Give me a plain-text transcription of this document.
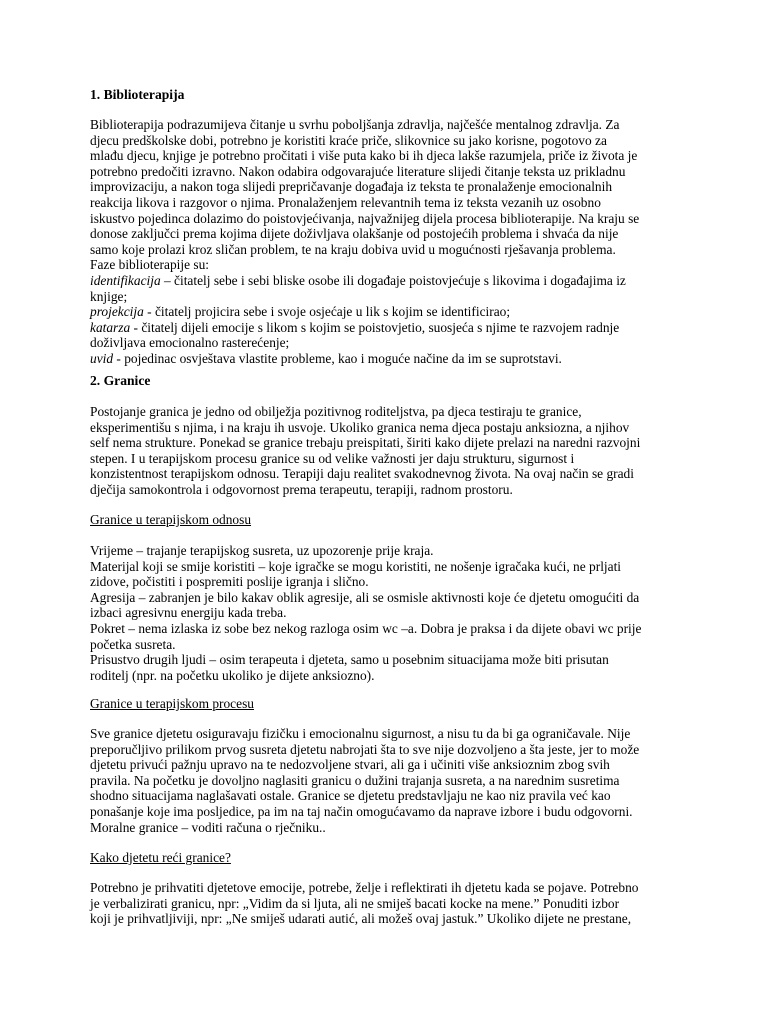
1. Biblioterapija
Biblioterapija podrazumijeva čitanje u svrhu poboljšanja zdravlja, najčešće mentalnog zdravlja. Za
djecu predškolske dobi, potrebno je koristiti kraće priče, slikovnice su jako korisne, pogotovo za
mlađu djecu, knjige je potrebno pročitati i više puta kako bi ih djeca lakše razumjela, priče iz života je
potrebno predočiti izravno. Nakon odabira odgovarajuće literature slijedi čitanje teksta uz prikladnu
improvizaciju, a nakon toga slijedi prepričavanje događaja iz teksta te pronalaženje emocionalnih
reakcija likova i razgovor o njima. Pronalaženjem relevantnih tema iz teksta vezanih uz osobno
iskustvo pojedinca dolazimo do poistovjećivanja, najvažnijeg dijela procesa biblioterapije. Na kraju se
donose zaključci prema kojima dijete doživljava olakšanje od postojećih problema i shvaća da nije
samo koje prolazi kroz sličan problem, te na kraju dobiva uvid u mogućnosti rješavanja problema.
Faze biblioterapije su:
identifikacija – čitatelj sebe i sebi bliske osobe ili događaje poistovjećuje s likovima i događajima iz
knjige;
projekcija - čitatelj projicira sebe i svoje osjećaje u lik s kojim se identificirao;
katarza - čitatelj dijeli emocije s likom s kojim se poistovjetio, suosjeća s njime te razvojem radnje
doživljava emocionalno rasterećenje;
uvid - pojedinac osvještava vlastite probleme, kao i moguće načine da im se suprotstavi.
2. Granice
Postojanje granica je jedno od obilježja pozitivnog roditeljstva, pa djeca testiraju te granice,
eksperimentišu s njima, i na kraju ih usvoje. Ukoliko granica nema djeca postaju anksiozna, a njihov
self nema strukture. Ponekad se granice trebaju preispitati, širiti kako dijete prelazi na naredni razvojni
stepen. I u terapijskom procesu granice su od velike važnosti jer daju strukturu, sigurnost i
konzistentnost terapijskom odnosu. Terapiji daju realitet svakodnevnog života. Na ovaj način se gradi
dječija samokontrola i odgovornost prema terapeutu, terapiji, radnom prostoru.
Granice u terapijskom odnosu
Vrijeme – trajanje terapijskog susreta, uz upozorenje prije kraja.
Materijal koji se smije koristiti – koje igračke se mogu koristiti, ne nošenje igračaka kući, ne prljati
zidove, počistiti i pospremiti poslije igranja i slično.
Agresija – zabranjen je bilo kakav oblik agresije, ali se osmisle aktivnosti koje će djetetu omogućiti da
izbaci agresivnu energiju kada treba.
Pokret – nema izlaska iz sobe bez nekog razloga osim wc –a. Dobra je praksa i da dijete obavi wc prije
početka susreta.
Prisustvo drugih ljudi – osim terapeuta i djeteta, samo u posebnim situacijama može biti prisutan
roditelj (npr. na početku ukoliko je dijete anksiozno).
Granice u terapijskom procesu
Sve granice djetetu osiguravaju fizičku i emocionalnu sigurnost, a nisu tu da bi ga ograničavale. Nije
preporučljivo prilikom prvog susreta djetetu nabrojati šta to sve nije dozvoljeno a šta jeste, jer to može
djetetu privući pažnju upravo na te nedozvoljene stvari, ali ga i učiniti više anksioznim zbog svih
pravila. Na početku je dovoljno naglasiti granicu o dužini trajanja susreta, a na narednim susretima
shodno situacijama naglašavati ostale. Granice se djetetu predstavljaju ne kao niz pravila već kao
ponašanje koje ima posljedice, pa im na taj način omogućavamo da naprave izbore i budu odgovorni.
Moralne granice – voditi računa o rječniku..
Kako djetetu reći granice?
Potrebno je prihvatiti djetetove emocije, potrebe, želje i reflektirati ih djetetu kada se pojave. Potrebno
je verbalizirati granicu, npr: „Vidim da si ljuta, ali ne smiješ bacati kocke na mene.” Ponuditi izbor
koji je prihvatljiviji, npr: „Ne smiješ udarati autić, ali možeš ovaj jastuk.” Ukoliko dijete ne prestane,
